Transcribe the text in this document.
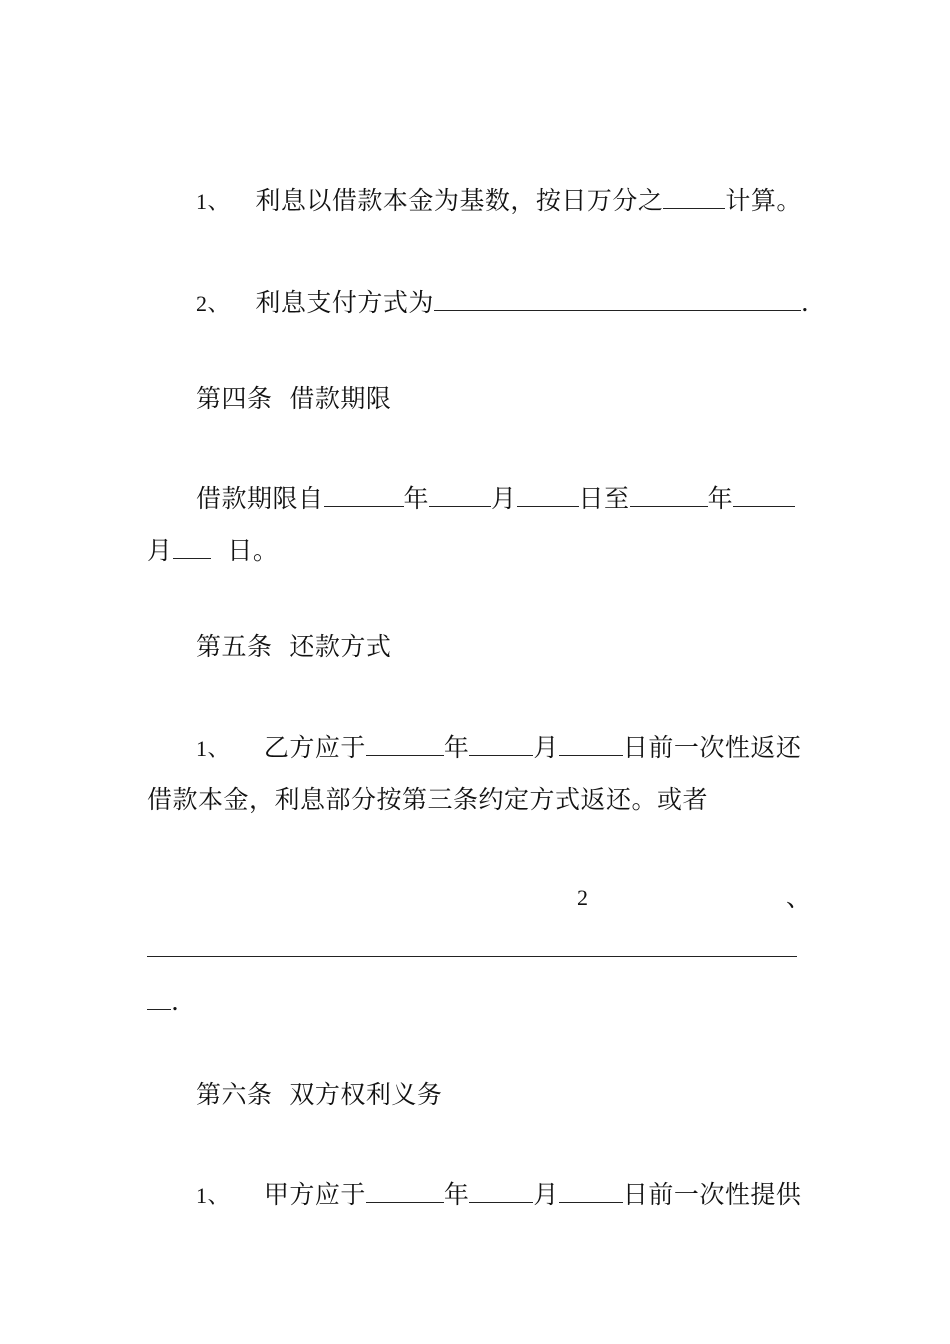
1、 利息以借款本金为基数，按日万分之 计算。
2、 利息支付方式为	.
第四条 借款期限
借款期限自	年 月 日至	年
月 日。
第五条 还款方式
1、 乙方应于	年	月	日前一次性返还
借款本金，利息部分按第三条约定方式返还。或者
2	、
.
第六条 双方权利义务
1、 甲方应于	年	月	日前一次性提供
